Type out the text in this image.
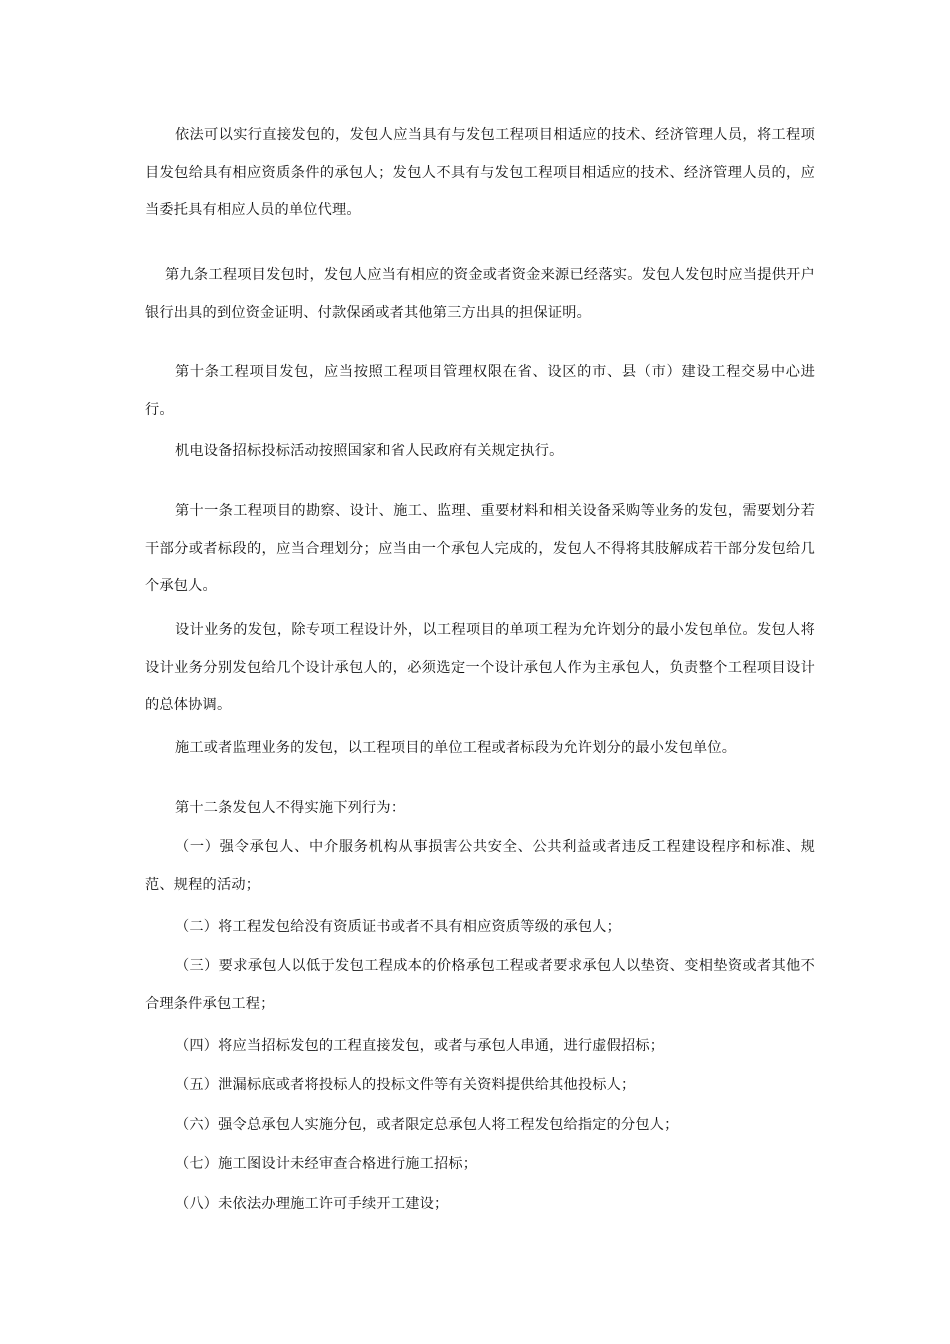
依法可以实行直接发包的，发包人应当具有与发包工程项目相适应的技术、经济管理人员，将工程项目发包给具有相应资质条件的承包人；发包人不具有与发包工程项目相适应的技术、经济管理人员的，应当委托具有相应人员的单位代理。

第九条工程项目发包时，发包人应当有相应的资金或者资金来源已经落实。发包人发包时应当提供开户银行出具的到位资金证明、付款保函或者其他第三方出具的担保证明。

第十条工程项目发包，应当按照工程项目管理权限在省、设区的市、县（市）建设工程交易中心进行。

机电设备招标投标活动按照国家和省人民政府有关规定执行。

第十一条工程项目的勘察、设计、施工、监理、重要材料和相关设备采购等业务的发包，需要划分若干部分或者标段的，应当合理划分；应当由一个承包人完成的，发包人不得将其肢解成若干部分发包给几个承包人。

设计业务的发包，除专项工程设计外，以工程项目的单项工程为允许划分的最小发包单位。发包人将设计业务分别发包给几个设计承包人的，必须选定一个设计承包人作为主承包人，负责整个工程项目设计的总体协调。

施工或者监理业务的发包，以工程项目的单位工程或者标段为允许划分的最小发包单位。

第十二条发包人不得实施下列行为：

（一）强令承包人、中介服务机构从事损害公共安全、公共利益或者违反工程建设程序和标准、规范、规程的活动；

（二）将工程发包给没有资质证书或者不具有相应资质等级的承包人；

（三）要求承包人以低于发包工程成本的价格承包工程或者要求承包人以垫资、变相垫资或者其他不合理条件承包工程；

（四）将应当招标发包的工程直接发包，或者与承包人串通，进行虚假招标；

（五）泄漏标底或者将投标人的投标文件等有关资料提供给其他投标人；

（六）强令总承包人实施分包，或者限定总承包人将工程发包给指定的分包人；

（七）施工图设计未经审查合格进行施工招标；

（八）未依法办理施工许可手续开工建设；
